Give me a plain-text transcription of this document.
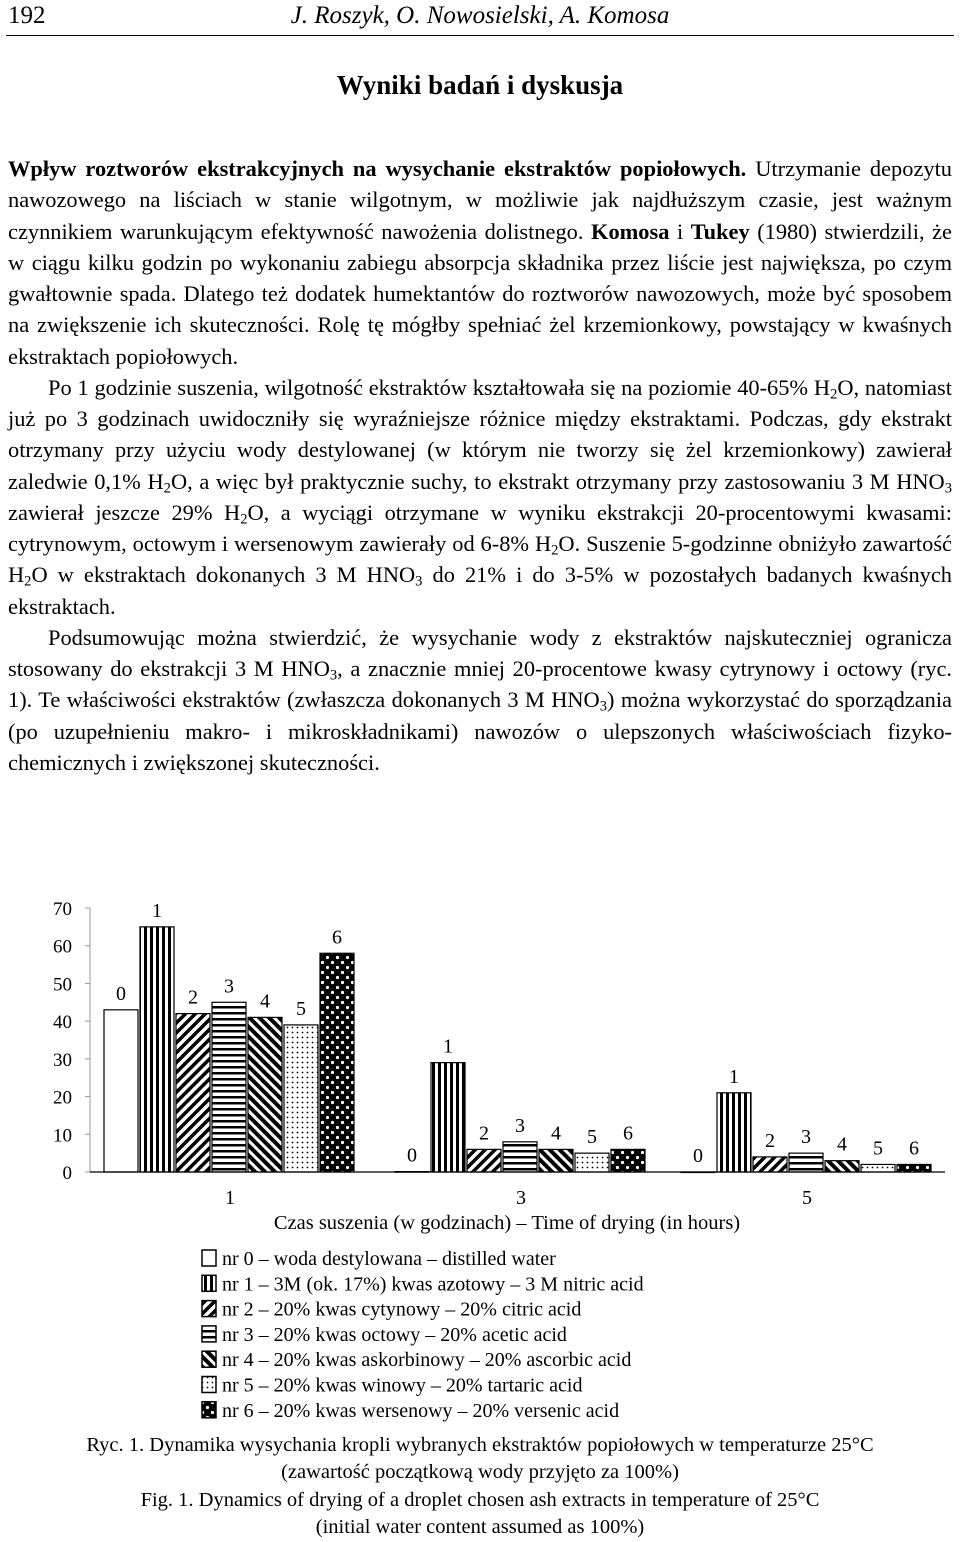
192	J. Roszyk, O. Nowosielski, A. Komosa
Wyniki badań i dyskusja

Wpływ roztworów ekstrakcyjnych na wysychanie ekstraktów popiołowych. Utrzymanie depozytu nawozowego na liściach w stanie wilgotnym, w możliwie jak najdłuższym czasie, jest ważnym czynnikiem warunkującym efektywność nawożenia dolistnego. Komosa i Tukey (1980) stwierdzili, że w ciągu kilku godzin po wykonaniu zabiegu absorpcja składnika przez liście jest największa, po czym gwałtownie spada. Dlatego też dodatek humektantów do roztworów nawozowych, może być sposobem na zwiększenie ich skuteczności. Rolę tę mógłby spełniać żel krzemionkowy, powstający w kwaśnych ekstraktach popiołowych.

Po 1 godzinie suszenia, wilgotność ekstraktów kształtowała się na poziomie 40-65% $H_2O$, natomiast już po 3 godzinach uwidoczniły się wyraźniejsze różnice między ekstraktami. Podczas, gdy ekstrakt otrzymany przy użyciu wody destylowanej (w którym nie tworzy się żel krzemionkowy) zawierał zaledwie 0,1% $H_2O$, a więc był praktycznie suchy, to ekstrakt otrzymany przy zastosowaniu 3 M $HNO_3$ zawierał jeszcze 29% $H_2O$, a wyciągi otrzymane w wyniku ekstrakcji 20-procentowymi kwasami: cytrynowym, octowym i wersenowym zawierały od 6-8% $H_2O$. Suszenie 5-godzinne obniżyło zawartość $H_2O$ w ekstraktach dokonanych 3 M $HNO_3$ do 21% i do 3-5% w pozostałych badanych kwaśnych ekstraktach.

Podsumowując można stwierdzić, że wysychanie wody z ekstraktów najskuteczniej ogranicza stosowany do ekstrakcji 3 M $HNO_3$, a znacznie mniej 20-procentowe kwasy cytrynowy i octowy (ryc. 1). Te właściwości ekstraktów (zwłaszcza dokonanych 3 M $HNO_3$) można wykorzystać do sporządzania (po uzupełnieniu makro- i mikroskładnikami) nawozów o ulepszonych właściwościach fizyko-chemicznych i zwiększonej skuteczności.

0
10
20
30
40
50
60
70
0
1
2
3
4 5
6
0
1
2 3 4 5 6
0
1
2 3 4 5 6
1	3	5
Czas suszenia (w godzinach) – Time of drying (in hours)
nr 0 – woda destylowana – distilled water
nr 1 – 3M (ok. 17%) kwas azotowy – 3 M nitric acid
nr 2 – 20% kwas cytynowy – 20% citric acid
nr 3 – 20% kwas octowy – 20% acetic acid
nr 4 – 20% kwas askorbinowy – 20% ascorbic acid
nr 5 – 20% kwas winowy – 20% tartaric acid
nr 6 – 20% kwas wersenowy – 20% versenic acid
Ryc. 1. Dynamika wysychania kropli wybranych ekstraktów popiołowych w temperaturze 25°C
(zawartość początkową wody przyjęto za 100%)
Fig. 1. Dynamics of drying of a droplet chosen ash extracts in temperature of 25°C
(initial water content assumed as 100%)
